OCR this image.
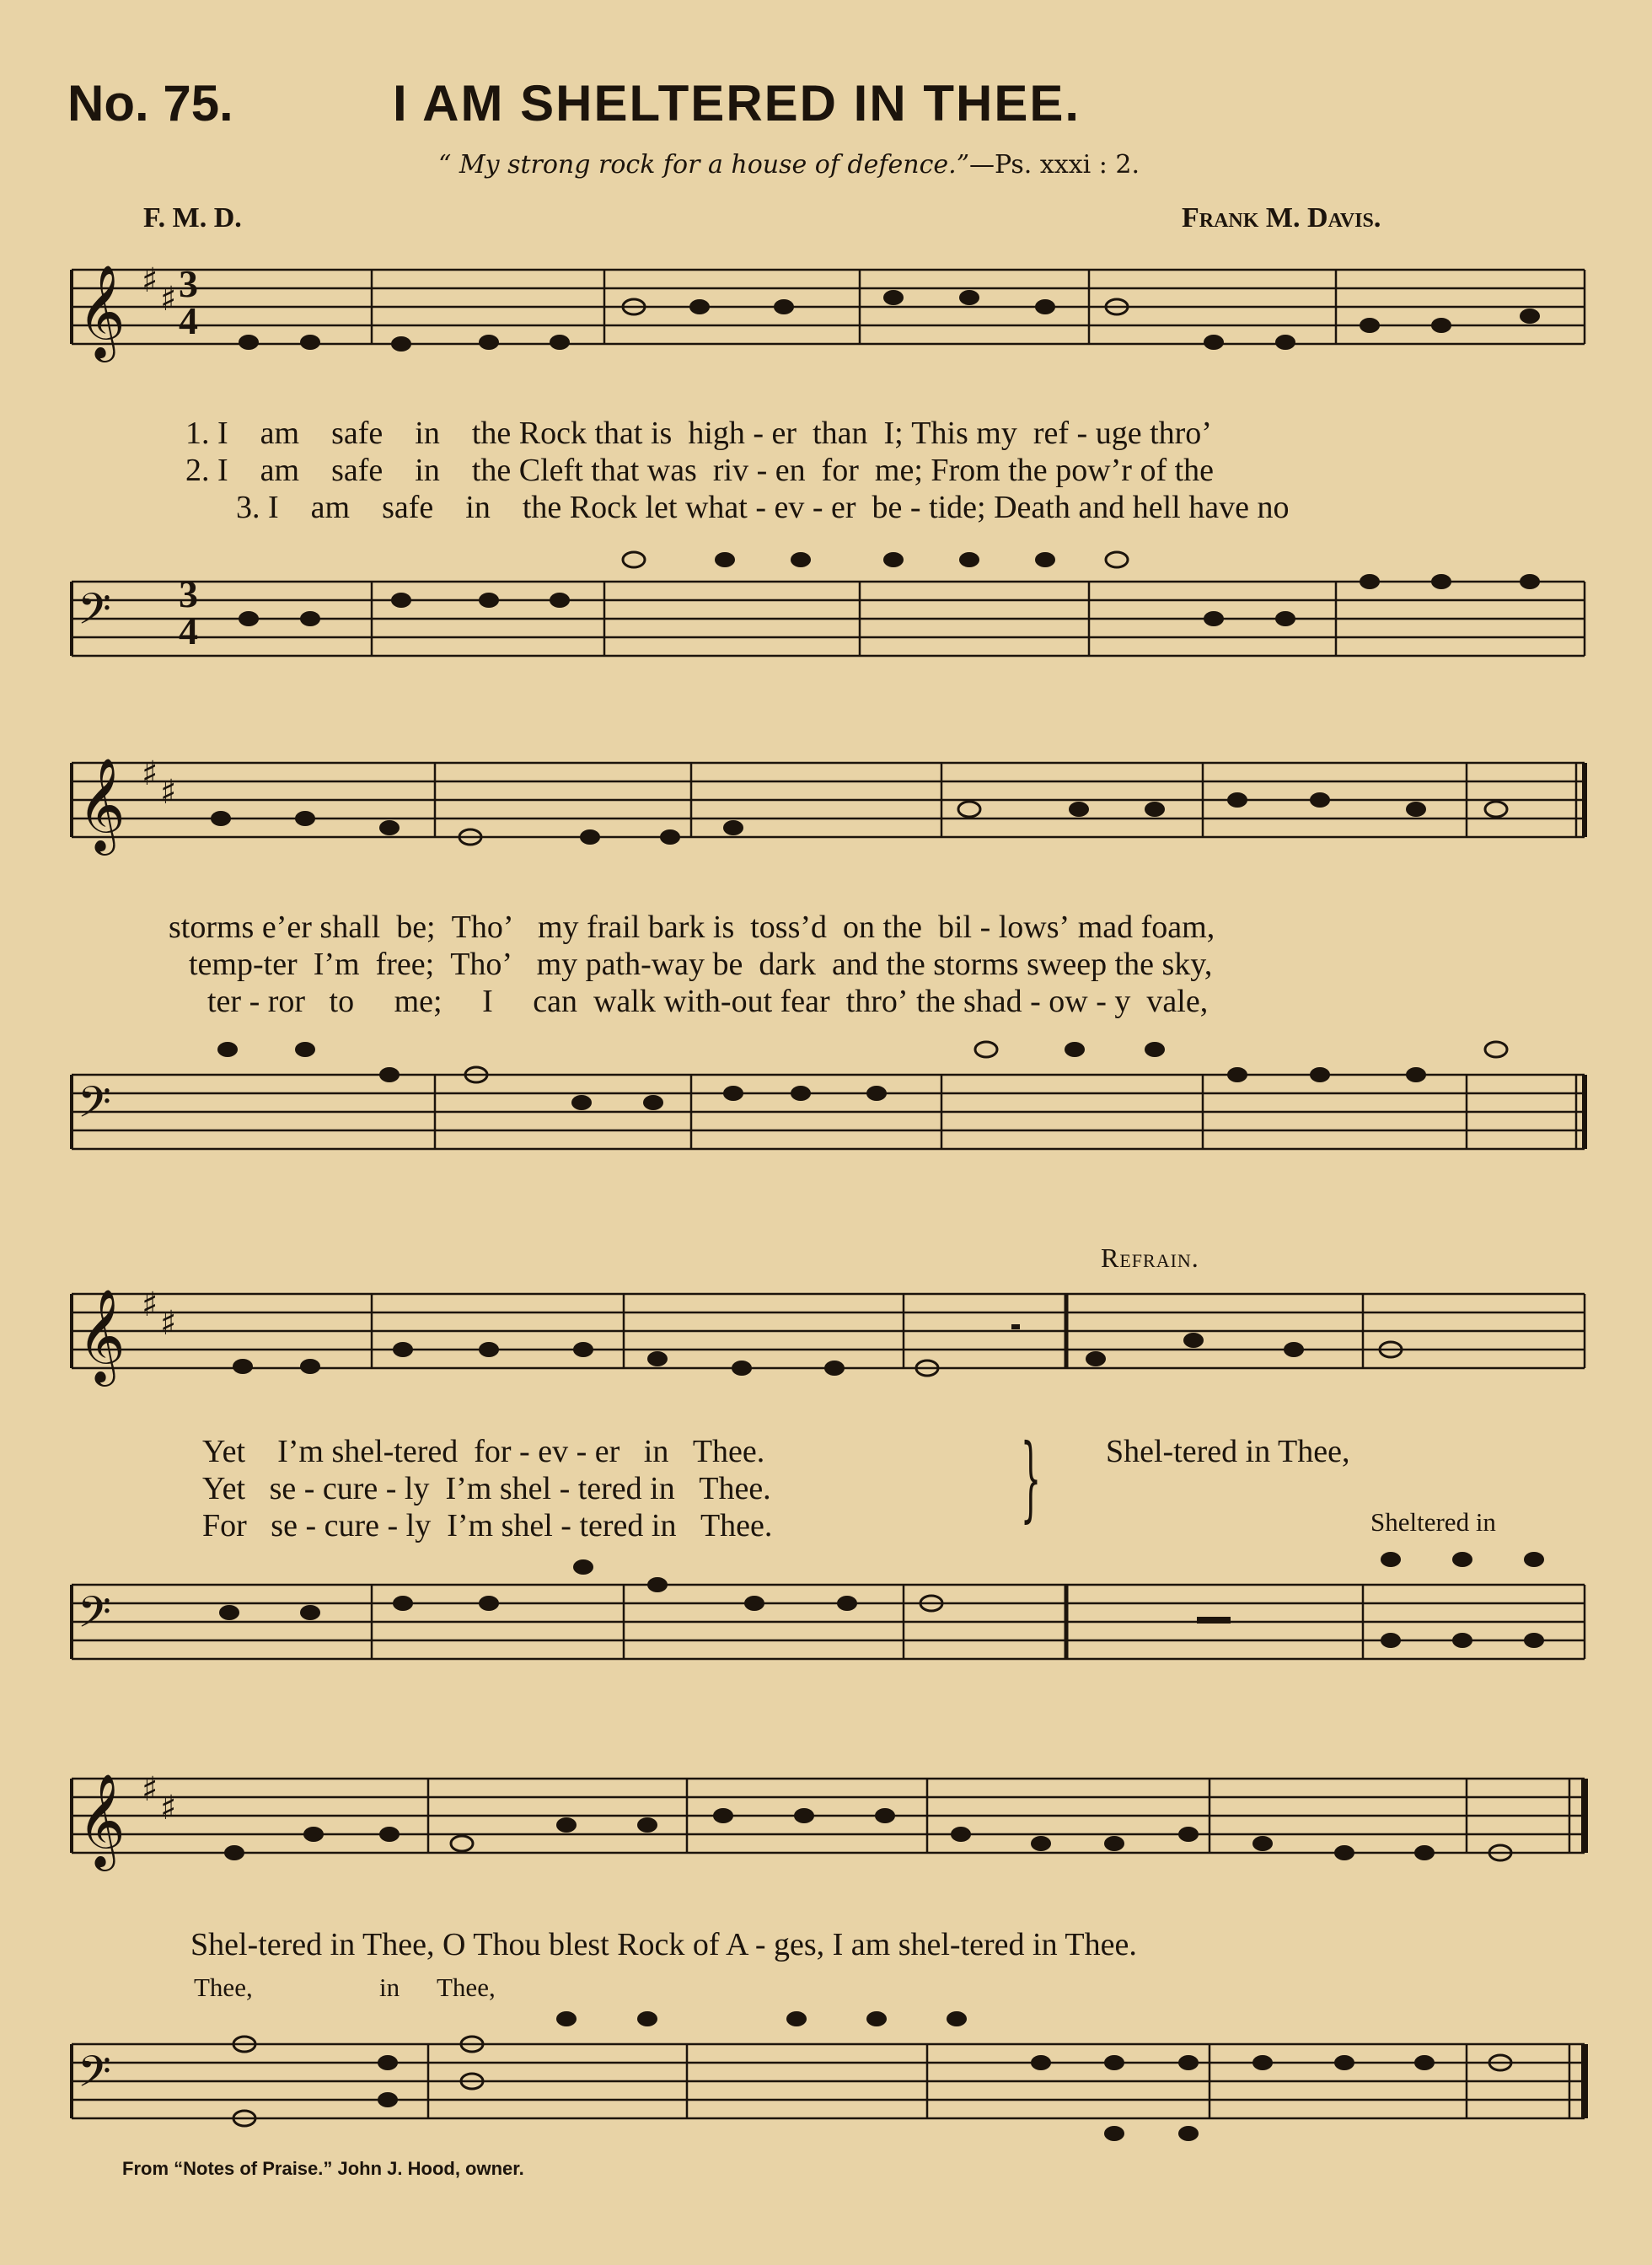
No. 75.	I AM SHELTERED IN THEE.
“ My strong rock for a house of defence.”—Ps. xxxi : 2.
F. M. D.	Frank M. Davis.
𝄞 ♯ ♯
1. I am safe in the Rock that is high - er than I; This my ref - uge thro’
2. I am safe in the Cleft that was riv - en for me; From the pow’r of the
3. I am safe in the Rock let what - ev - er be - tide; Death and hell have no
𝄢
𝄞 ♯ ♯
storms e’er shall be; Tho’ my frail bark is toss’d on the bil - lows’ mad foam,
temp-ter I’m free; Tho’ my path-way be dark and the storms sweep the sky,
ter - ror to me; I can walk with-out fear thro’ the shad - ow - y vale,
𝄢
Refrain.
𝄞 ♯ ♯
Yet I’m shel-tered for - ev - er in Thee.
Yet se - cure - ly I’m shel - tered in Thee.
For se - cure - ly I’m shel - tered in Thee.	} Shel-tered in Thee,
Sheltered in
𝄢
𝄞 ♯ ♯
Shel-tered in Thee, O Thou blest Rock of A - ges, I am shel-tered in Thee.
Thee,	in Thee,
𝄢
From “Notes of Praise.” John J. Hood, owner.
3
4
3
4
